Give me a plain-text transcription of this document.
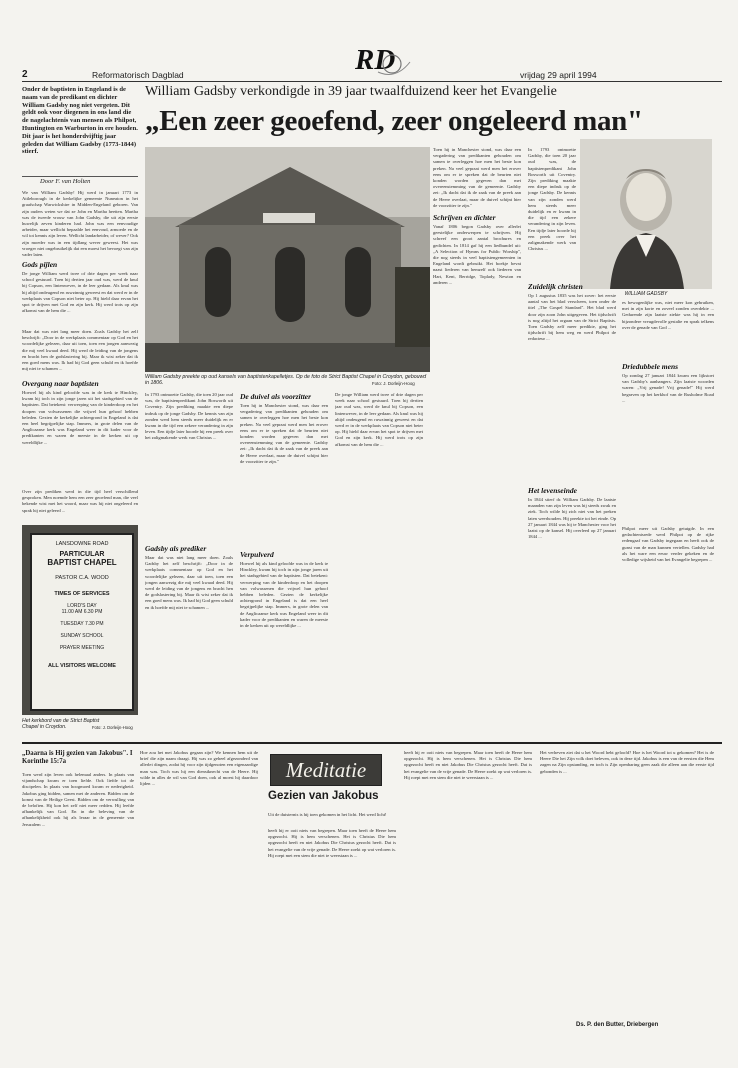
2	Reformatorisch Dagblad	RD	vrijdag 29 april 1994
Onder de baptisten in Engeland is de naam van de predikant en dichter William Gadsby nog niet vergeten. Dit geldt ook voor diegenen in ons land die de nagelachtenis van mensen als Philpot, Huntington en Warburton in ere houden. Dit jaar is het honderdvijftig jaar geleden dat William Gadsby (1773-1844) stierf.
Door F. van Holten
William Gadsby verkondigde in 39 jaar twaalfduizend keer het Evangelie
„Een zeer geoefend, zeer ongeleerd man"
WILLIAM GADSBY
William Gadsby preekte op oud kansels van baptistenkapelletjes. Op de foto de Strict Baptist Chapel in Croydon, gebouwd in 1806.	Foto: J. Dorleijn-Hoog
We van William Gadsby! Hij werd in januari 1773 in Attleborough in de kerkelijke gemeente Nuneaton in het graafschap Warwickshire in Midden-Engeland geboren. Van zijn ouders weten we dat ze John en Martha heetten. Martha was de tweede vrouw van John Gadsby, die uit zijn eerste huwelijk zeven kinderen had. John was een eenvoudige arbeider, maar wellicht bepaalde het eenvoud, armoede en de wil tot kennis zijn leven. Wellicht landarbeider, of wever? Ook zijn moeder was in een tijdlang wever geweest. Het was vroeger niet ongebruikelijk dat een moest het bevoegt van zijn vader laten.
Gods pijlen
De jonge William werd twee of drie dagen per week naar school gestuurd. Toen hij dertien jaar oud was, werd de knul bij Copson, een lintenwever, in de leer gedaan. Als knul was hij altijd ondeugend en ruwzinnig geweest en dat werd er in de werkplaats van Copson niet beter op. Hij hield daar ervan het spot te drijven met God en zijn kerk. Hij werd trots op zijn afkomst van de hem die ...
Maar dat was niet lang meer doen. Zoals Gadsby het zelf beschrijft: „Door in de werkplaats commentaar op God en het woordelijke gelezen, daar uit toen, toen een jongen aanwezig die mij veel kwaad deed. Hij werd de leiding van de jongens en bracht hen de godslastering bij. Maar ik wist zeker dat ik een goed mens was. Ik had bij God geen schuld en ik hoefde mij niet te schamen ...
Overgang naar baptisten
Hoewel hij als kind geloofde was in de kerk te Hinckley, kwam hij toch in zijn jonge jaren uit het stadsgebied van de baptisten. Dat betekent: verwerping van de kinderdoop en het doopen van volwassenen die vrijwel hun gehoof hebben beleden. Gezien de kerkelijke achtergrond in Engeland is dat een heel begrijpelijke stap. Immers, in grote delen van de Anglicaanse kerk was Engeland weer in dit kader voor de predikanten en waren de meeste in de kerken uit op wereldlijke ...
Over zijn prediken werd in die tijd heel verschillend gesproken. Men noemde hem een zeer geoefend man, die veel bekende wist met het woord, maar was hij niet ongeleerd en sprak hij niet geleerd ...
LANSDOWNE ROAD
PARTICULAR
BAPTIST CHAPEL
PASTOR C.A. WOOD
TIMES OF SERVICES
LORD'S DAY
11.00 AM 6.30 PM
TUESDAY 7.30 PM
SUNDAY SCHOOL
PRAYER MEETING
ALL VISITORS WELCOME
Het kerkbord van de Strict Baptist Chapel in Croydon.	Foto: J. Dorleijn-Hoog
In 1793 ontmoette Gadsby, die toen 20 jaar oud was, de baptistenpredikant John Bosworth uit Coventry. Zijn prediking maakte een diepe indruk op de jonge Gadsby. De kennis van zijn zonden werd hem steeds meer duidelijk en er kwam in die tijd een zekere verandering in zijn leven. Een tijdje later hoorde hij een preek over het zaligmakende werk van Christus ...
Gadsby als prediker
Maar dat was niet lang meer doen. Zoals Gadsby het zelf beschrijft: „Door in de werkplaats commentaar op God en het woordelijke gelezen, daar uit toen, toen een jongen aanwezig die mij veel kwaad deed. Hij werd de leiding van de jongens en bracht hen de godslastering bij. Maar ik wist zeker dat ik een goed mens was. Ik had bij God geen schuld en ik hoefde mij niet te schamen ...
De duivel als voorzitter
Toen hij in Manchester stond, was daar een vergadering van predikanten gehouden om samen te overleggen hoe men het beste kon preken. Na veel gepraat werd men het erover eens om er te spreken dat de beurten niet konden worden gegeven dan met overeenstemming van de gemeente. Gadsby zei: „Ik dacht dat ik de zaak van de preek aan de Heere overlaat, maar de duivel schijnt hier de voorzitter te zijn."
Verpulverd
Hoewel hij als kind geloofde was in de kerk te Hinckley, kwam hij toch in zijn jonge jaren uit het stadsgebied van de baptisten. Dat betekent: verwerping van de kinderdoop en het doopen van volwassenen die vrijwel hun gehoof hebben beleden. Gezien de kerkelijke achtergrond in Engeland is dat een heel begrijpelijke stap. Immers, in grote delen van de Anglicaanse kerk was Engeland weer in dit kader voor de predikanten en waren de meeste in de kerken uit op wereldlijke ...
De jonge William werd twee of drie dagen per week naar school gestuurd. Toen hij dertien jaar oud was, werd de knul bij Copson, een lintenwever, in de leer gedaan. Als knul was hij altijd ondeugend en ruwzinnig geweest en dat werd er in de werkplaats van Copson niet beter op. Hij hield daar ervan het spot te drijven met God en zijn kerk. Hij werd trots op zijn afkomst van de hem die ...
Toen hij in Manchester stond, was daar een vergadering van predikanten gehouden om samen te overleggen hoe men het beste kon preken. Na veel gepraat werd men het erover eens om er te spreken dat de beurten niet konden worden gegeven dan met overeenstemming van de gemeente. Gadsby zei: „Ik dacht dat ik de zaak van de preek aan de Heere overlaat, maar de duivel schijnt hier de voorzitter te zijn."
Schrijven en dichter
Vanaf 1806 begon Gadsby over allerlei geestelijke onderwerpen te schrijven. Hij schreef een groot aantal brochures en gedichten. In 1814 gaf hij een liedbundel uit: „A Selection of Hymns for Public Worship", die nog steeds in veel baptistengemeenten in Engeland wordt gebruikt. Het boekje bevat naast liederen van hemzelf ook liederen van Hart, Kent, Berridge, Toplady, Newton en anderen ...
In 1793 ontmoette Gadsby, die toen 20 jaar oud was, de baptistenpredikant John Bosworth uit Coventry. Zijn prediking maakte een diepe indruk op de jonge Gadsby. De kennis van zijn zonden werd hem steeds meer duidelijk en er kwam in die tijd een zekere verandering in zijn leven. Een tijdje later hoorde hij een preek over het zaligmakende werk van Christus ...
Zuidelijk christen
Op 1 augustus 1835 was het zover: het eerste aantal van het blad verscheen, toen onder de titel „The Gospel Standard". Het blad werd door zijn zoon John uitgegeven. Het tijdschrift is nog altijd het orgaan van de Strict Baptists. Toen Gadsby zelf meer predikte, ging het tijdschrift bij hem weg en werd Philpot de redacteur ...
Het levenseinde
In 1844 stierf dr. William Gadsby. De laatste maanden van zijn leven was hij steeds zwak en ziek. Toch wilde hij zich niet van het preken laten weerhouden. Hij preekte tot het einde. Op 27 januari 1844 was hij te Manchester voor het laatst op de kansel. Hij overleed op 27 januari 1844 ...
es bewogenlijke was, niet meer kon gebruiken, met in zijn korte en zoveel zonden overdekte ... Gedurende zijn laatste ziekte was hij in een bijzondere vreugdevolle gestalte en sprak telkens over de genade van God ...
Driedubbele mens
Op zondag 27 januari 1844 kwam een lijkstoet van Gadsby's aanhangers. Zijn laatste woorden waren: „Vrij genade! Vrij genade!" Hij werd begraven op het kerkhof van de Rusholme Road ...
Philpot meer uit Gadsby getuigde. In een gedachtenisrede werd Philpot op de rijke redengaaf van Gadsby ingegaan en heeft ook de gunst van de man kunnen vertellen. Gadsby had als het ware een eeuw verder gekeken en de volledige wijsheid van het Evangelie begrepen ...
„Daarna is Hij gezien van Jakobus". I Korinthe 15:7a
Toen werd zijn leven ook helemaal anders. In plaats van vijandschap kwam er toen liefde. Ook liefde tot de discipelen. In plaats van hoogmoed kwam er nederigheid. Jakobus ging bidden, samen met de anderen. Bidden om de komst van de Heilige Geest. Bidden om de verwulling van de beloften. Hij kon het zelf niet meer redden. Hij leefde afhankelijk van God. En in die beleving van de afhankelijkheid ook hij als leraar in de gemeente van Jeruzalem ...
Hoe zou het met Jakobus gegaan zijn? We kennen hem uit de brief die zijn naam draagt. Hij was zo geheel afgezonderd van allerlei dingen, zodat hij voor zijn tijdgenoten een eigenaardige man was. Toch was hij een dienstknecht van de Heere. Hij wilde in alles de wil van God doen, ook al moest hij daardoor lijden ...
Meditatie
Gezien van Jakobus
Uit de duisternis is hij toen gekomen in het licht. Het werd licht!
heeft hij er ooit niets van begrepen. Maar toen heeft de Heere hem opgezocht. Hij is hem verschenen. Het is Christus Die hem opgezocht heeft en niet Jakobus Die Christus gezocht heeft. Dat is het evangelie van de vrije genade. De Heere zoekt op wat verloren is. Hij roept met een stem die niet te weerstaan is ...
heeft hij er ooit niets van begrepen. Maar toen heeft de Heere hem opgezocht. Hij is hem verschenen. Het is Christus Die hem opgezocht heeft en niet Jakobus Die Christus gezocht heeft. Dat is het evangelie van de vrije genade. De Heere zoekt op wat verloren is. Hij roept met een stem die niet te weerstaan is ...
Het verheven ziet dat u het Woord hebt geloofd? Hoe is het Woord tot u gekomen? Het is de Heere Die het Zijn volk doet beleven, ook in deze tijd. Jakobus is een van de eersten die Hem zagen na Zijn opstanding, en toch is Zijn openbaring geen zaak die alleen aan die eerste tijd gebonden is ...
Ds. P. den Butter, Driebergen
